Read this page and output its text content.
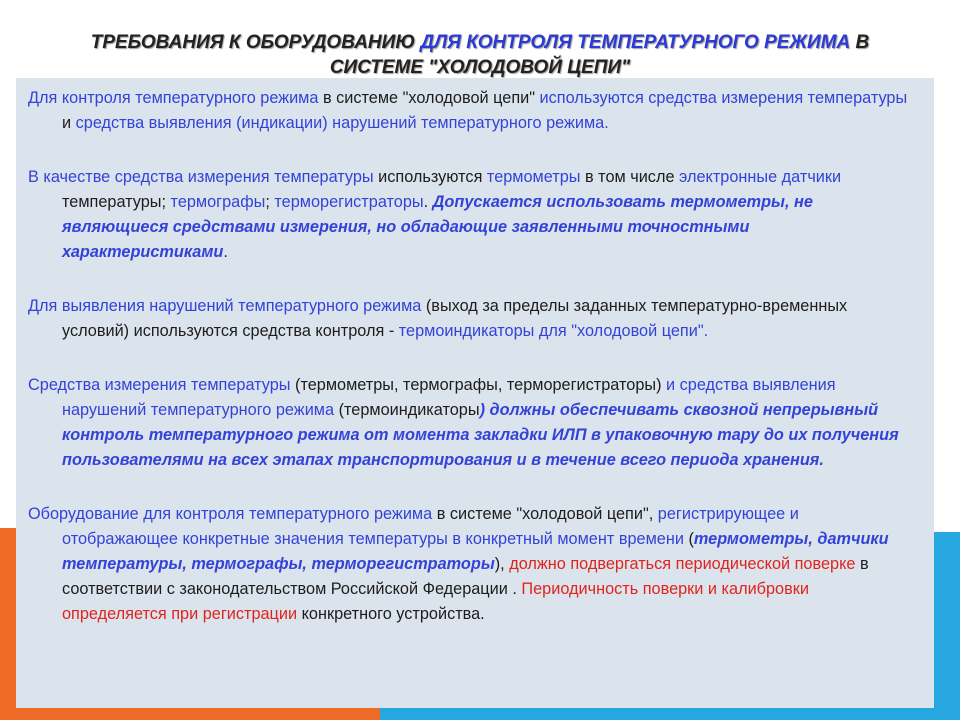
ТРЕБОВАНИЯ К ОБОРУДОВАНИЮ ДЛЯ КОНТРОЛЯ ТЕМПЕРАТУРНОГО РЕЖИМА В СИСТЕМЕ "ХОЛОДОВОЙ ЦЕПИ"

Для контроля температурного режима в системе "холодовой цепи" используются средства измерения температуры и средства выявления (индикации) нарушений температурного режима.

В качестве средства измерения температуры используются термометры в том числе электронные датчики температуры; термографы; терморегистраторы. Допускается использовать термометры, не являющиеся средствами измерения, но обладающие заявленными точностными характеристиками.

Для выявления нарушений температурного режима (выход за пределы заданных температурно-временных условий) используются средства контроля - термоиндикаторы для "холодовой цепи".

Средства измерения температуры (термометры, термографы, терморегистраторы) и средства выявления нарушений температурного режима (термоиндикаторы) должны обеспечивать сквозной непрерывный контроль температурного режима от момента закладки ИЛП в упаковочную тару до их получения пользователями на всех этапах транспортирования и в течение всего периода хранения.

Оборудование для контроля температурного режима в системе "холодовой цепи", регистрирующее и отображающее конкретные значения температуры в конкретный момент времени (термометры, датчики температуры, термографы, терморегистраторы), должно подвергаться периодической поверке в соответствии с законодательством Российской Федерации . Периодичность поверки и калибровки определяется при регистрации конкретного устройства.
